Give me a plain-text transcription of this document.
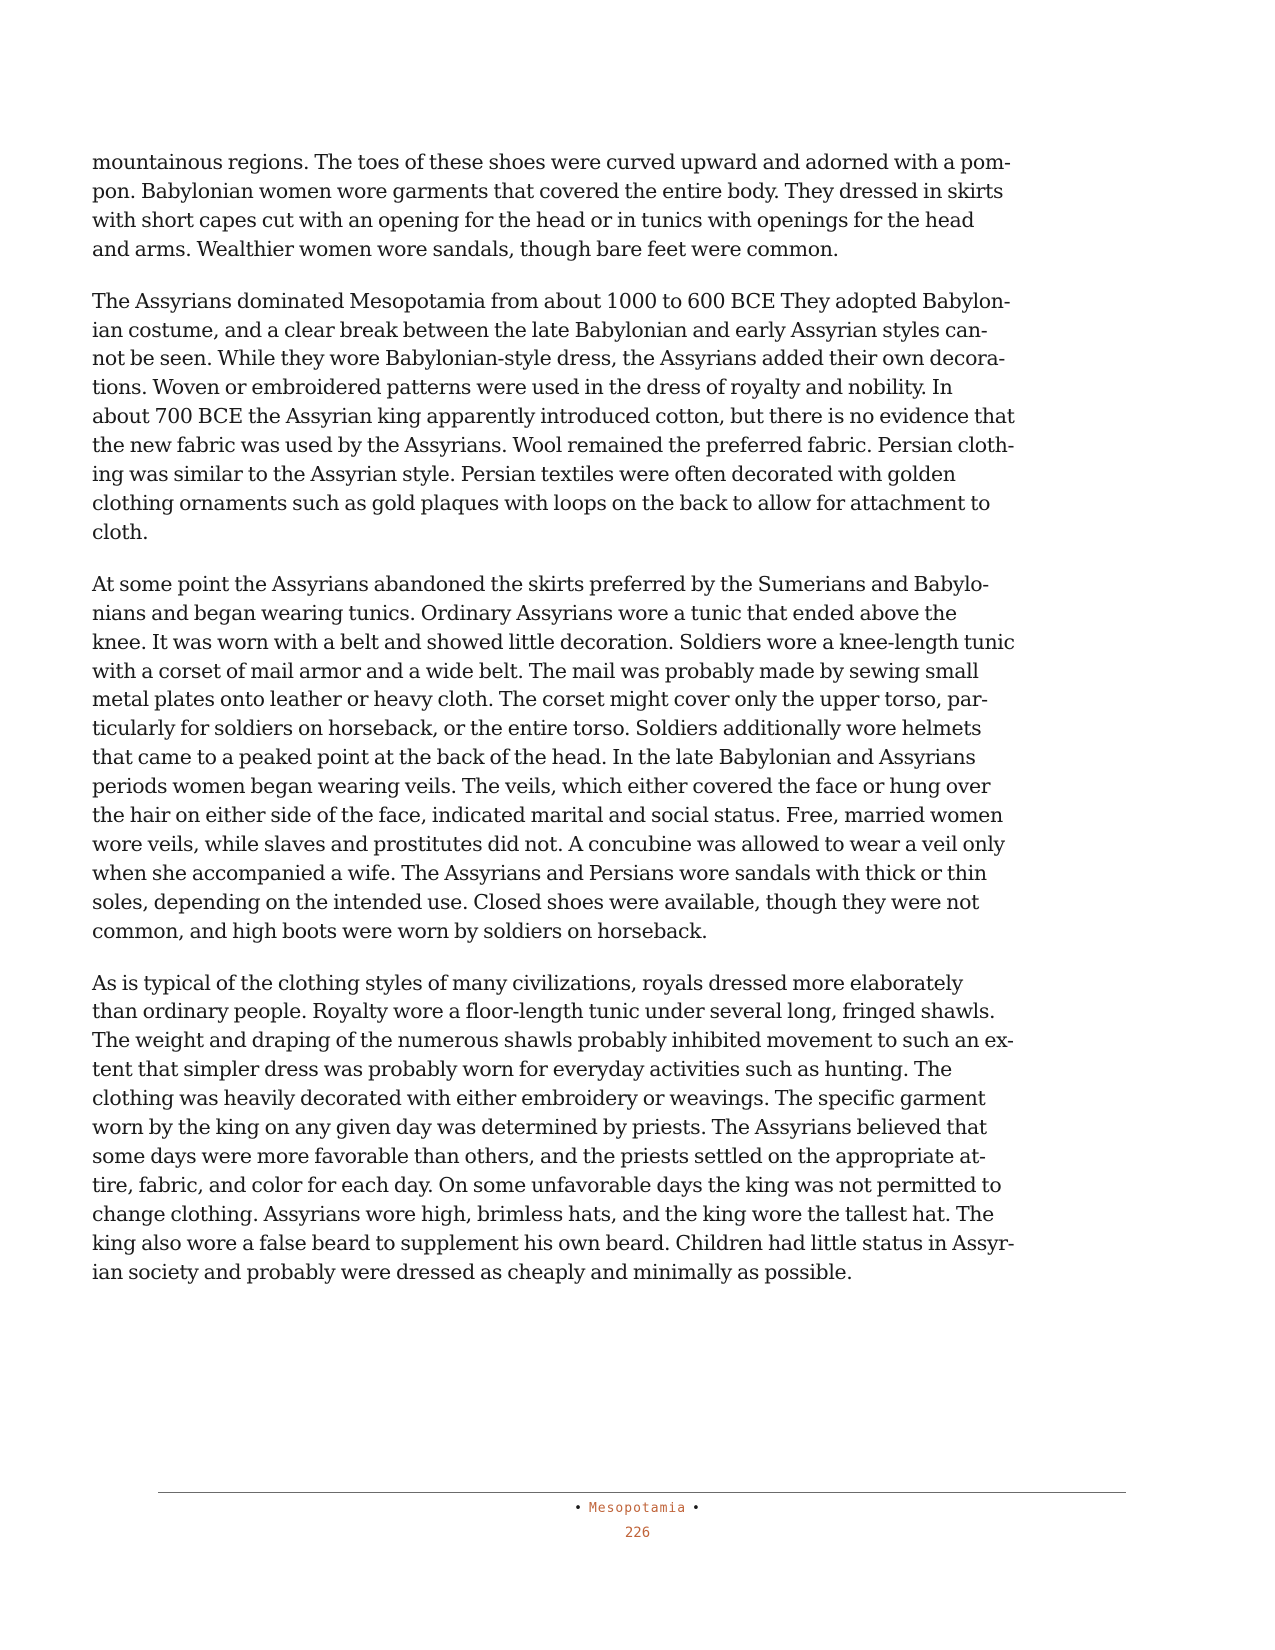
mountainous regions. The toes of these shoes were curved upward and adorned with a pom-
pon. Babylonian women wore garments that covered the entire body. They dressed in skirts
with short capes cut with an opening for the head or in tunics with openings for the head
and arms. Wealthier women wore sandals, though bare feet were common.

The Assyrians dominated Mesopotamia from about 1000 to 600 BCE They adopted Babylon-
ian costume, and a clear break between the late Babylonian and early Assyrian styles can-
not be seen. While they wore Babylonian-style dress, the Assyrians added their own decora-
tions. Woven or embroidered patterns were used in the dress of royalty and nobility. In
about 700 BCE the Assyrian king apparently introduced cotton, but there is no evidence that
the new fabric was used by the Assyrians. Wool remained the preferred fabric. Persian cloth-
ing was similar to the Assyrian style. Persian textiles were often decorated with golden
clothing ornaments such as gold plaques with loops on the back to allow for attachment to
cloth.

At some point the Assyrians abandoned the skirts preferred by the Sumerians and Babylo-
nians and began wearing tunics. Ordinary Assyrians wore a tunic that ended above the
knee. It was worn with a belt and showed little decoration. Soldiers wore a knee-length tunic
with a corset of mail armor and a wide belt. The mail was probably made by sewing small
metal plates onto leather or heavy cloth. The corset might cover only the upper torso, par-
ticularly for soldiers on horseback, or the entire torso. Soldiers additionally wore helmets
that came to a peaked point at the back of the head. In the late Babylonian and Assyrians
periods women began wearing veils. The veils, which either covered the face or hung over
the hair on either side of the face, indicated marital and social status. Free, married women
wore veils, while slaves and prostitutes did not. A concubine was allowed to wear a veil only
when she accompanied a wife. The Assyrians and Persians wore sandals with thick or thin
soles, depending on the intended use. Closed shoes were available, though they were not
common, and high boots were worn by soldiers on horseback.

As is typical of the clothing styles of many civilizations, royals dressed more elaborately
than ordinary people. Royalty wore a floor-length tunic under several long, fringed shawls.
The weight and draping of the numerous shawls probably inhibited movement to such an ex-
tent that simpler dress was probably worn for everyday activities such as hunting. The
clothing was heavily decorated with either embroidery or weavings. The specific garment
worn by the king on any given day was determined by priests. The Assyrians believed that
some days were more favorable than others, and the priests settled on the appropriate at-
tire, fabric, and color for each day. On some unfavorable days the king was not permitted to
change clothing. Assyrians wore high, brimless hats, and the king wore the tallest hat. The
king also wore a false beard to supplement his own beard. Children had little status in Assyr-
ian society and probably were dressed as cheaply and minimally as possible.

• Mesopotamia •
226
